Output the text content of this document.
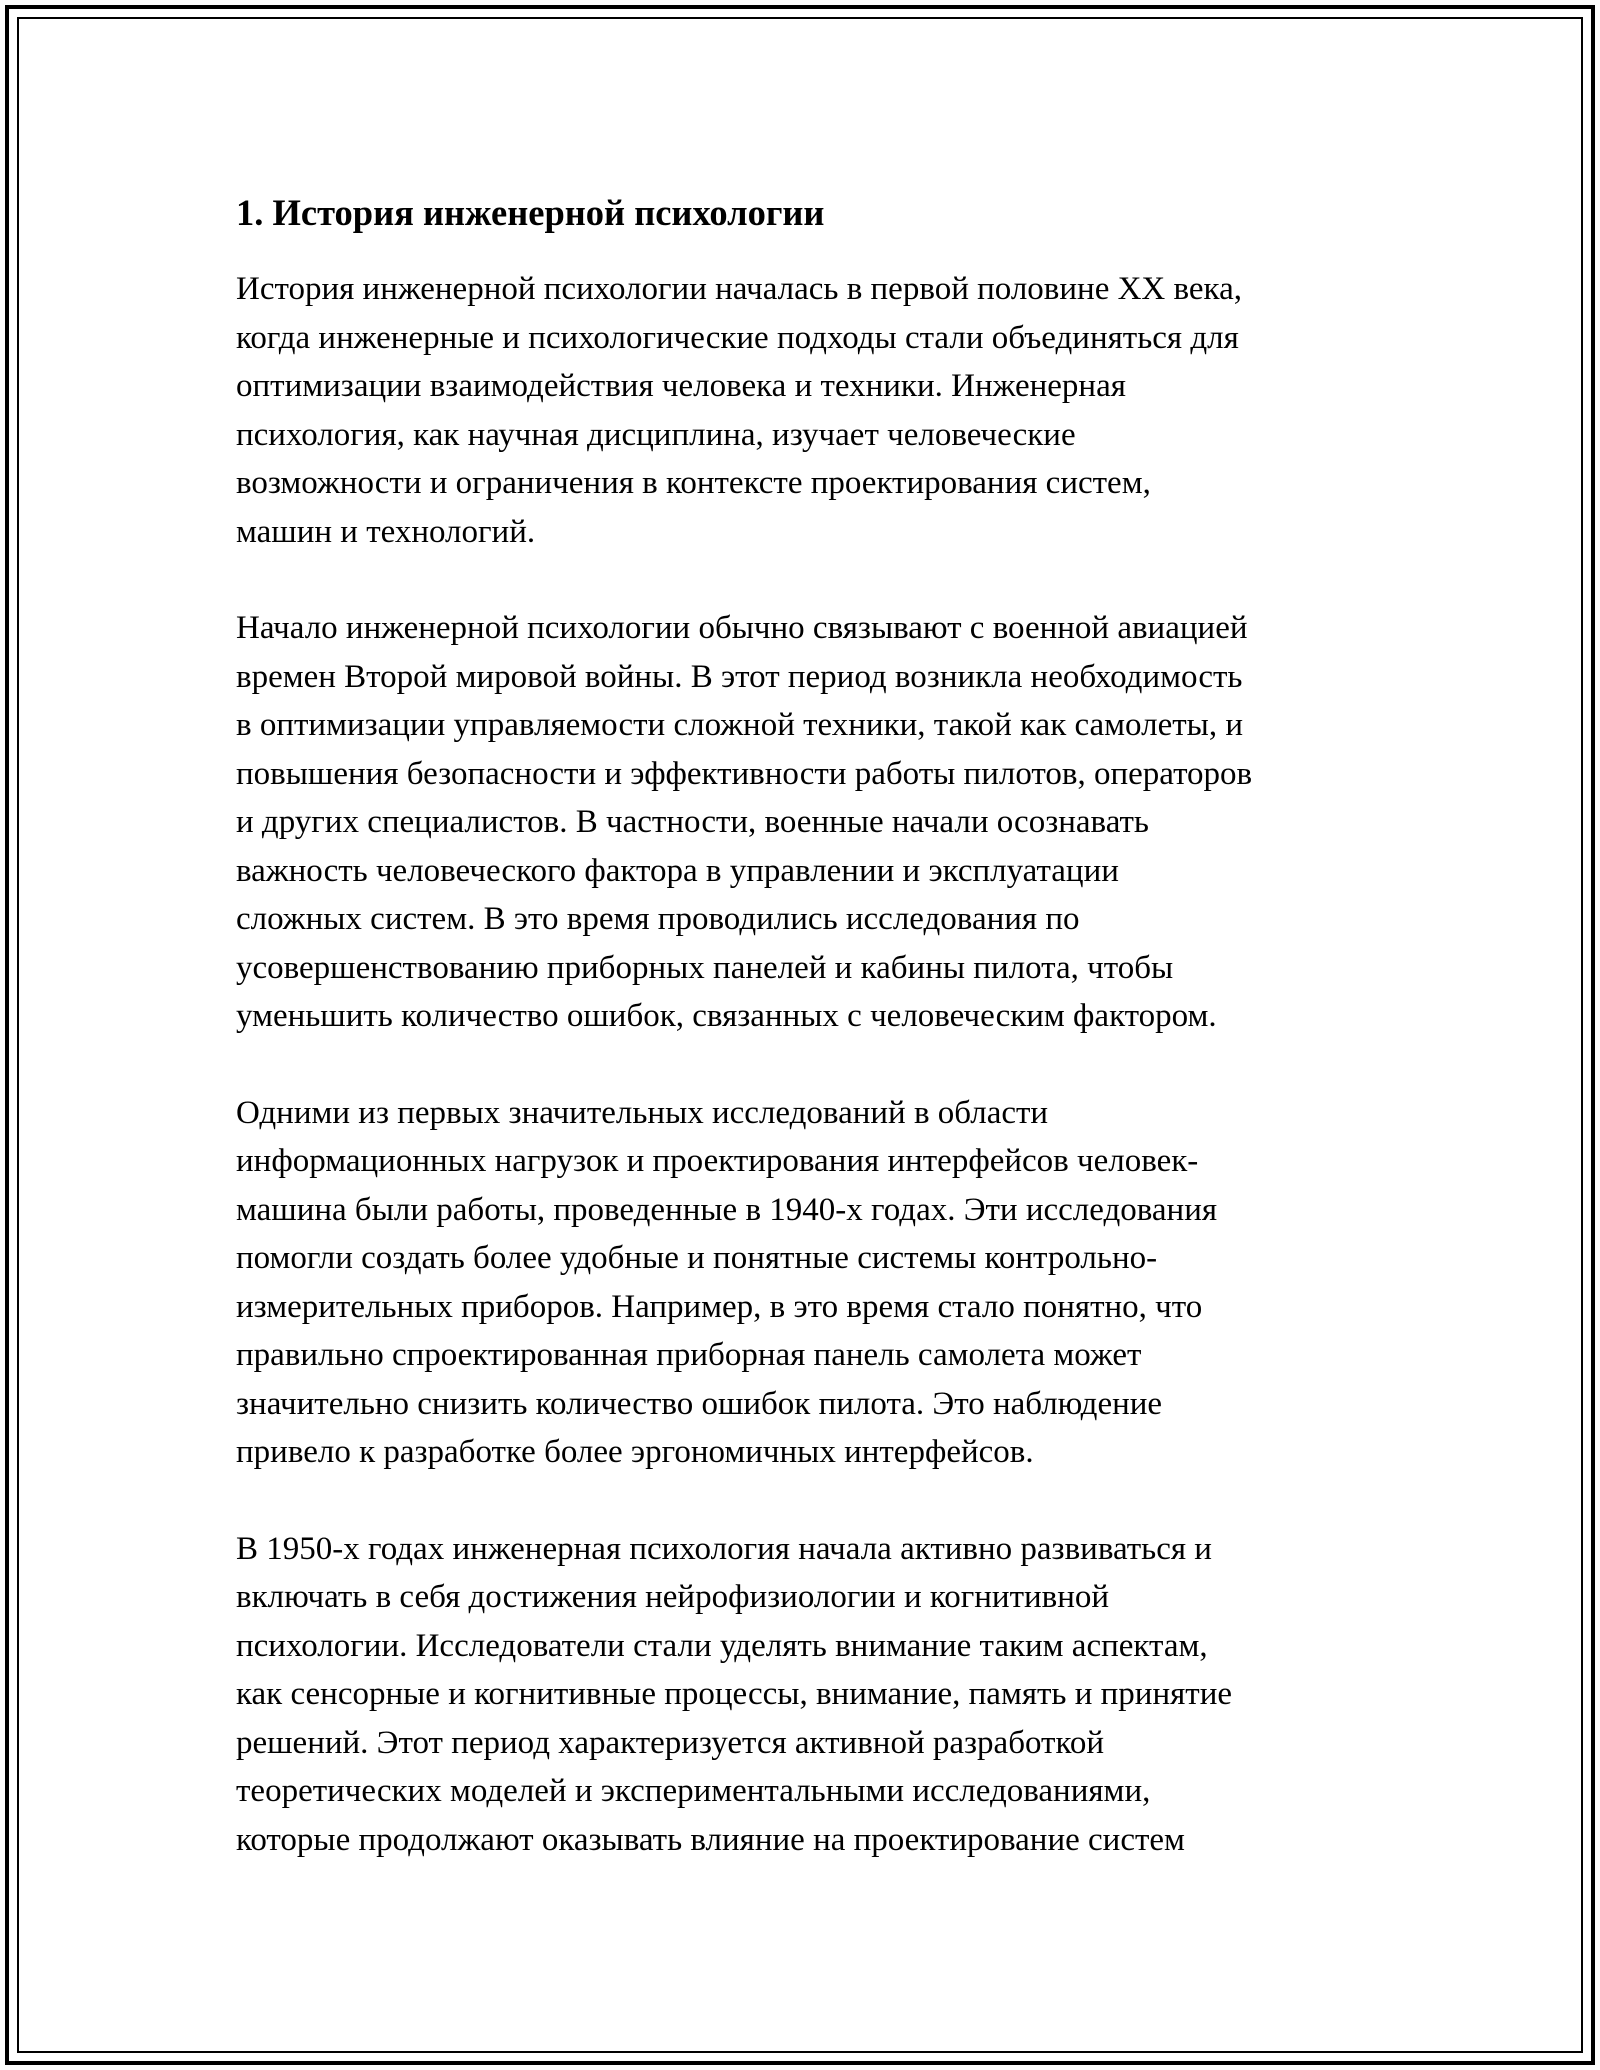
1. История инженерной психологии

История инженерной психологии началась в первой половине XX века,
когда инженерные и психологические подходы стали объединяться для
оптимизации взаимодействия человека и техники. Инженерная
психология, как научная дисциплина, изучает человеческие
возможности и ограничения в контексте проектирования систем,
машин и технологий.

Начало инженерной психологии обычно связывают с военной авиацией
времен Второй мировой войны. В этот период возникла необходимость
в оптимизации управляемости сложной техники, такой как самолеты, и
повышения безопасности и эффективности работы пилотов, операторов
и других специалистов. В частности, военные начали осознавать
важность человеческого фактора в управлении и эксплуатации
сложных систем. В это время проводились исследования по
усовершенствованию приборных панелей и кабины пилота, чтобы
уменьшить количество ошибок, связанных с человеческим фактором.

Одними из первых значительных исследований в области
информационных нагрузок и проектирования интерфейсов человек-
машина были работы, проведенные в 1940-х годах. Эти исследования
помогли создать более удобные и понятные системы контрольно-
измерительных приборов. Например, в это время стало понятно, что
правильно спроектированная приборная панель самолета может
значительно снизить количество ошибок пилота. Это наблюдение
привело к разработке более эргономичных интерфейсов.

В 1950-х годах инженерная психология начала активно развиваться и
включать в себя достижения нейрофизиологии и когнитивной
психологии. Исследователи стали уделять внимание таким аспектам,
как сенсорные и когнитивные процессы, внимание, память и принятие
решений. Этот период характеризуется активной разработкой
теоретических моделей и экспериментальными исследованиями,
которые продолжают оказывать влияние на проектирование систем
